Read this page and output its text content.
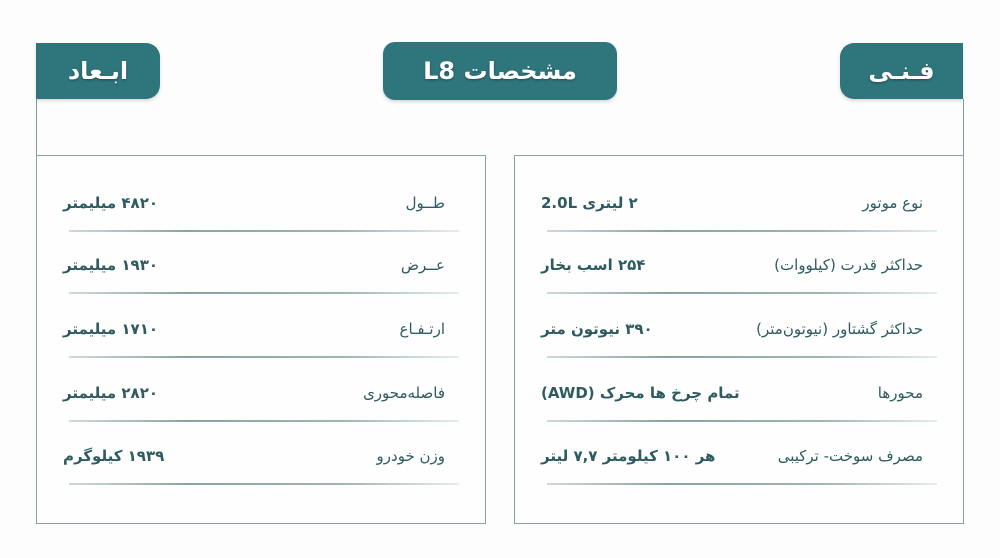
ابـعاد	مشخصات L8	فـنـی
طــول
۴۸۲۰ میلیمتر
عــرض
۱۹۳۰ میلیمتر
ارتـفـاع
۱۷۱۰ میلیمتر
فاصله‌محوری
۲۸۲۰ میلیمتر
وزن خودرو
۱۹۳۹ کیلوگرم
نوع موتور
۲ لیتری 2.0L
حداکثر قدرت (کیلووات)
۲۵۴ اسب بخار
حداکثر گشتاور (نیوتون‌متر)
۳۹۰ نیوتون متر
محورها
تمام چرخ ها محرک (AWD)
مصرف سوخت- ترکیبی
هر ۱۰۰ کیلومتر ۷,۷ لیتر
